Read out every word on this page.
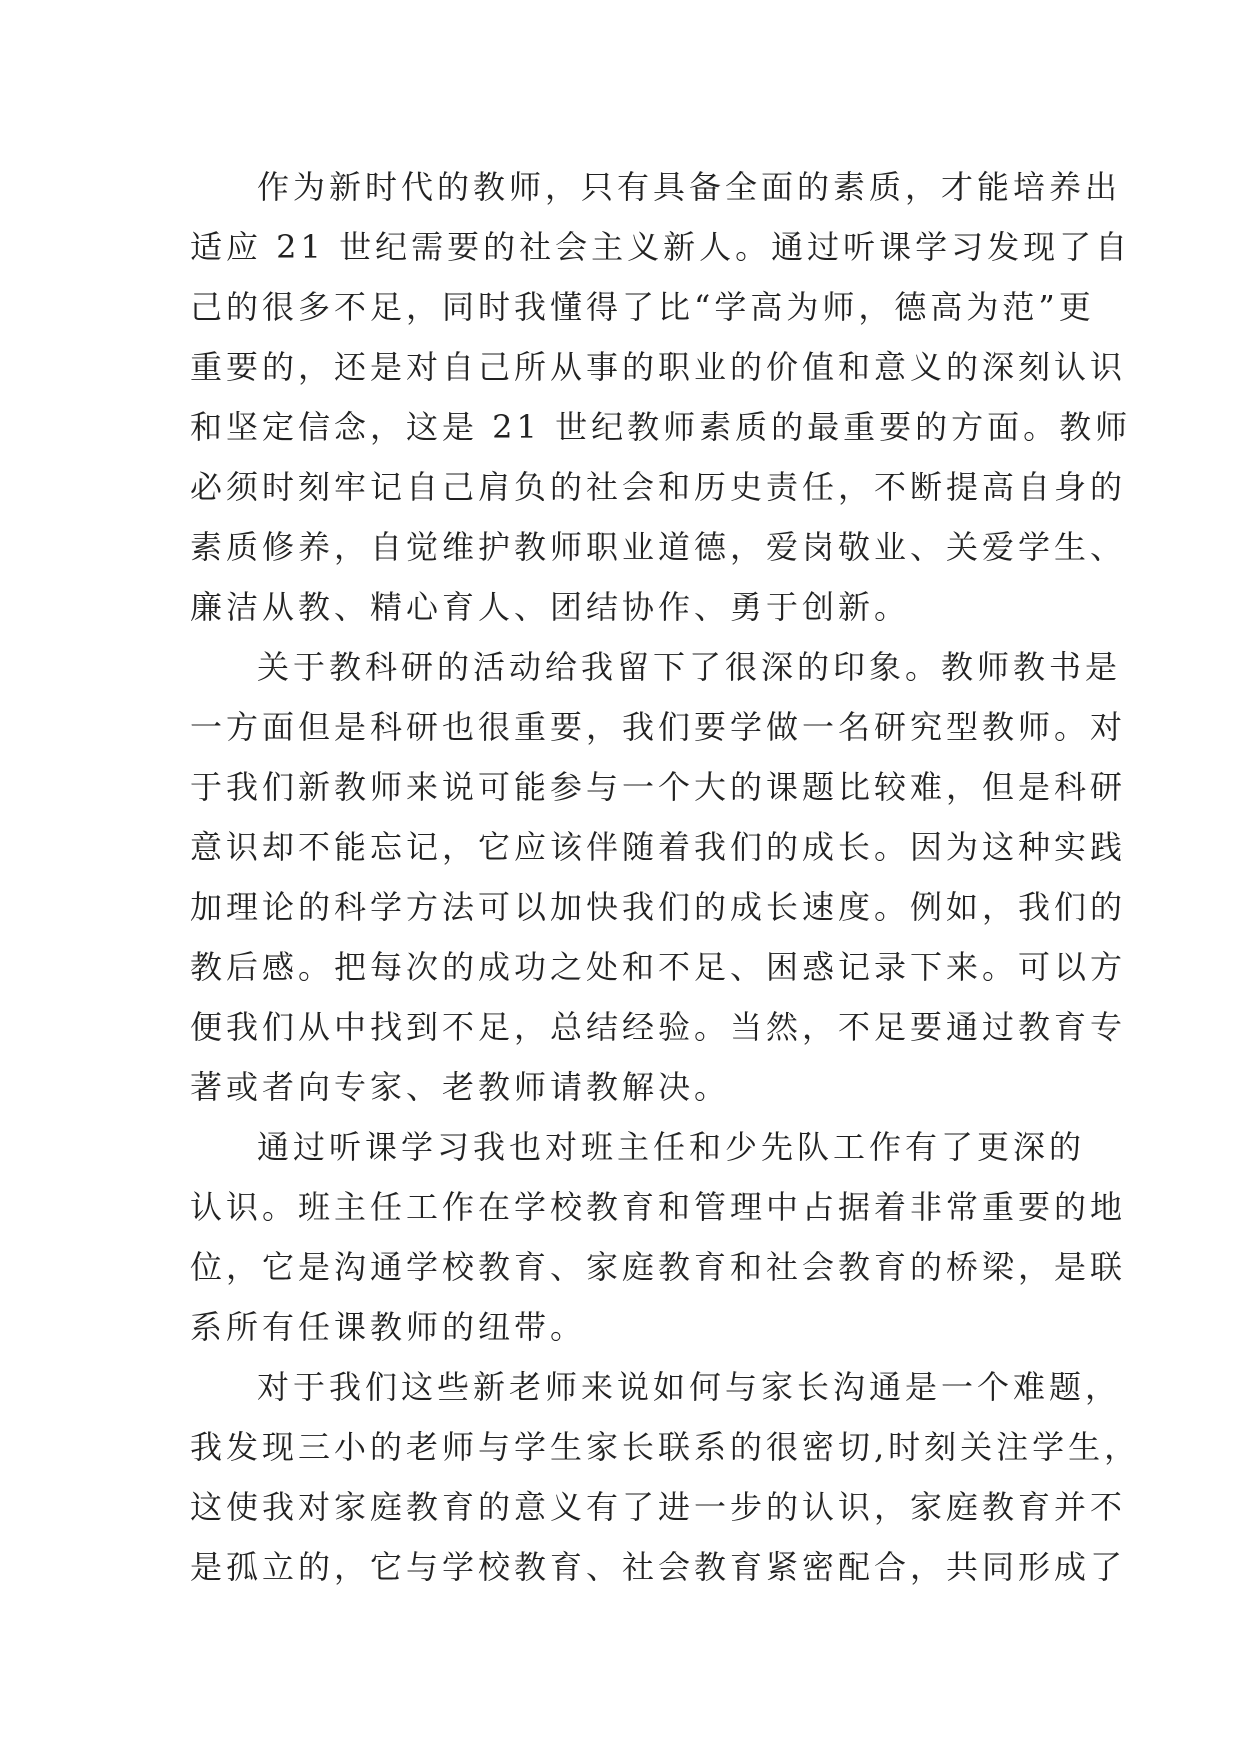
作为新时代的教师，只有具备全面的素质，才能培养出
适应 21 世纪需要的社会主义新人。通过听课学习发现了自
己的很多不足，同时我懂得了比“学高为师，德高为范”更
重要的，还是对自己所从事的职业的价值和意义的深刻认识
和坚定信念，这是 21 世纪教师素质的最重要的方面。教师
必须时刻牢记自己肩负的社会和历史责任，不断提高自身的
素质修养，自觉维护教师职业道德，爱岗敬业、关爱学生、
廉洁从教、精心育人、团结协作、勇于创新。
关于教科研的活动给我留下了很深的印象。教师教书是
一方面但是科研也很重要，我们要学做一名研究型教师。对
于我们新教师来说可能参与一个大的课题比较难，但是科研
意识却不能忘记，它应该伴随着我们的成长。因为这种实践
加理论的科学方法可以加快我们的成长速度。例如，我们的
教后感。把每次的成功之处和不足、困惑记录下来。可以方
便我们从中找到不足，总结经验。当然，不足要通过教育专
著或者向专家、老教师请教解决。
通过听课学习我也对班主任和少先队工作有了更深的
认识。班主任工作在学校教育和管理中占据着非常重要的地
位，它是沟通学校教育、家庭教育和社会教育的桥梁，是联
系所有任课教师的纽带。
对于我们这些新老师来说如何与家长沟通是一个难题，
我发现三小的老师与学生家长联系的很密切,时刻关注学生，
这使我对家庭教育的意义有了进一步的认识，家庭教育并不
是孤立的，它与学校教育、社会教育紧密配合，共同形成了
